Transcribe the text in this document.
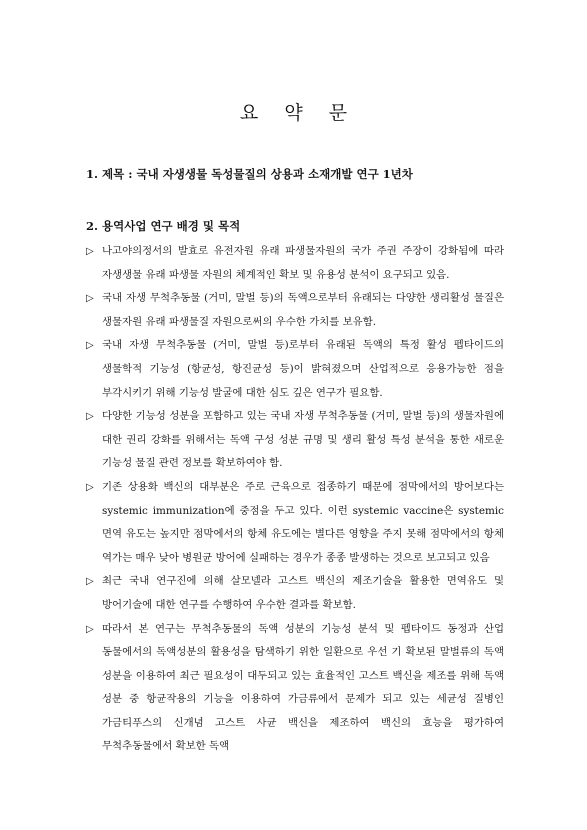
요 약 문
1. 제목 : 국내 자생생물 독성물질의 상용과 소재개발 연구 1년차
2. 용역사업 연구 배경 및 목적
▷ 나고야의정서의 발효로 유전자원 유래 파생물자원의 국가 주권 주장이 강화됨에 따라 자생생물 유래 파생물 자원의 체계적인 확보 및 유용성 분석이 요구되고 있음.
▷ 국내 자생 무척추동물 (거미, 말벌 등)의 독액으로부터 유래되는 다양한 생리활성 물질은 생물자원 유래 파생물질 자원으로써의 우수한 가치를 보유함.
▷ 국내 자생 무척추동물 (거미, 말벌 등)로부터 유래된 독액의 특정 활성 펩타이드의 생물학적 기능성 (항균성, 항진균성 등)이 밝혀졌으며 산업적으로 응용가능한 점을 부각시키기 위해 기능성 발굴에 대한 심도 깊은 연구가 필요함.
▷ 다양한 기능성 성분을 포함하고 있는 국내 자생 무척추동물 (거미, 말벌 등)의 생물자원에 대한 권리 강화를 위해서는 독액 구성 성분 규명 및 생리 활성 특성 분석을 통한 새로운 기능성 물질 관련 정보를 확보하여야 함.
▷ 기존 상용화 백신의 대부분은 주로 근육으로 접종하기 때문에 점막에서의 방어보다는 systemic immunization에 중점을 두고 있다. 이런 systemic vaccine은 systemic 면역 유도는 높지만 점막에서의 항체 유도에는 별다른 영향을 주지 못해 점막에서의 항체 역가는 매우 낮아 병원균 방어에 실패하는 경우가 종종 발생하는 것으로 보고되고 있음
▷ 최근 국내 연구진에 의해 살모넬라 고스트 백신의 제조기술을 활용한 면역유도 및 방어기술에 대한 연구를 수행하여 우수한 결과를 확보함.
▷ 따라서 본 연구는 무척추동물의 독액 성분의 기능성 분석 및 펩타이드 동정과 산업 동물에서의 독액성분의 활용성을 탐색하기 위한 일환으로 우선 기 확보된 말벌류의 독액 성분을 이용하여 최근 필요성이 대두되고 있는 효율적인 고스트 백신을 제조를 위해 독액 성분 중 항균작용의 기능을 이용하여 가금류에서 문제가 되고 있는 세균성 질병인 가금티푸스의 신개념 고스트 사균 백신을 제조하여 백신의 효능을 평가하여 무척추동물에서 확보한 독액
